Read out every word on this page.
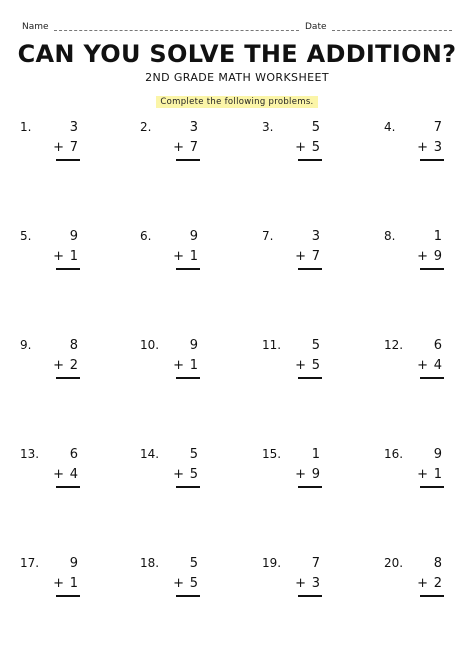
Name	Date
CAN YOU SOLVE THE ADDITION?
2ND GRADE MATH WORKSHEET
Complete the following problems.
1.	3
+ 7
2.	3
+ 7
3.	5
+ 5
4.	7
+ 3
5.	9
+ 1
6.	9
+ 1
7.	3
+ 7
8.	1
+ 9
9.	8
+ 2
10. 9
+ 1
11. 5
+ 5
12. 6
+ 4
13. 6
+ 4
14. 5
+ 5
15. 1
+ 9
16. 9
+ 1
17. 9
+ 1
18. 5
+ 5
19. 7
+ 3
20. 8
+ 2
